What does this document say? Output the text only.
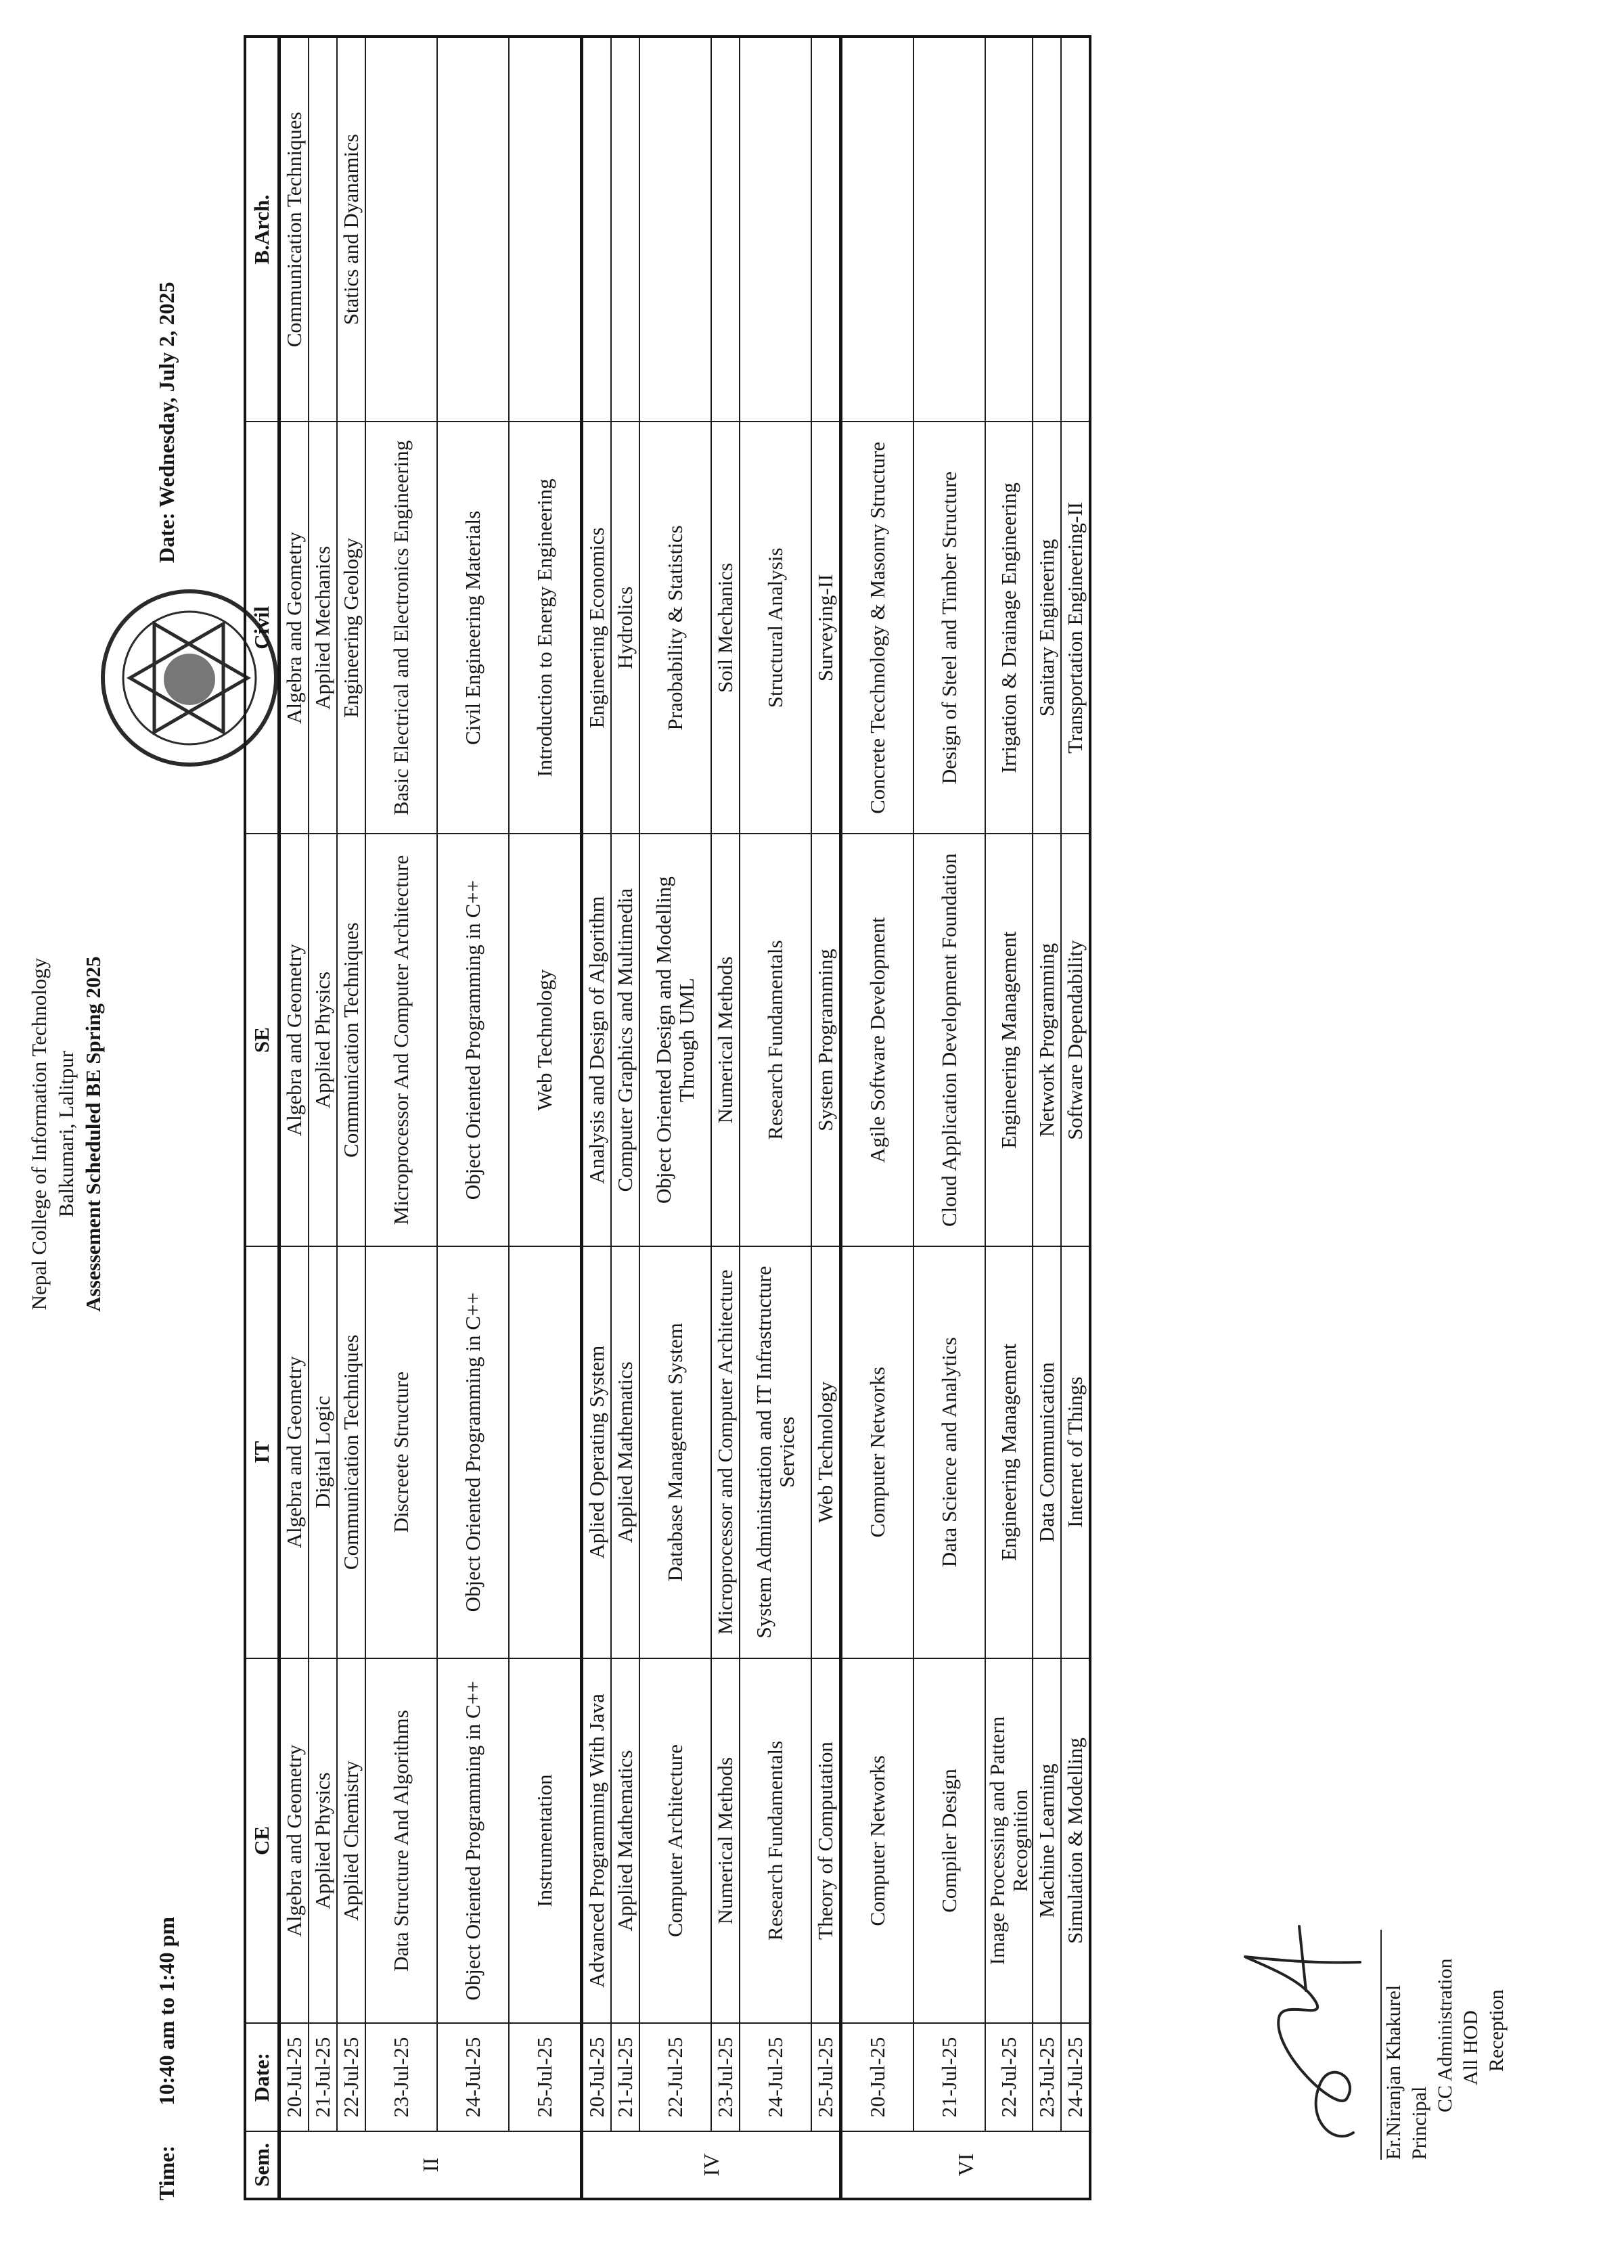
Nepal College of Information Technology Balkumari, Lalitpur Assessement Scheduled BE Spring 2025
Time:
10:40 am to 1:40 pm
Date: Wednesday, July 2, 2025
Sem.	Date:	CE	IT	SE	Civil	B.Arch.
II	20-Jul-25	Algebra and Geometry	Algebra and Geometry	Algebra and Geometry	Algebra and Geometry	Communication Techniques
	21-Jul-25	Applied Physics	Digital Logic	Applied Physics	Applied Mechanics	
	22-Jul-25	Applied Chemistry	Communication Techniques	Communication Techniques	Engineering Geology	Statics and Dyanamics
	23-Jul-25	Data Structure And Algorithms	Discreete Structure	Microprocessor And Computer Architecture	Basic Electrical and Electronics Engineering	
	24-Jul-25	Object Oriented Programming in C++	Object Oriented Programming in C++	Object Oriented Programming in C++	Civil Engineering Materials	
	25-Jul-25	Instrumentation		Web Technology	Introduction to Energy Engineering	
IV	20-Jul-25	Advanced Programming With Java	Aplied Operating System	Analysis and Design of Algorithm	Engineering Economics	
	21-Jul-25	Applied Mathematics	Applied Mathematics	Computer Graphics and Multimedia	Hydrolics	
	22-Jul-25	Computer Architecture	Database Management System	Object Oriented Design and Modelling Through UML	Praobability & Statistics	
	23-Jul-25	Numerical Methods	Microprocessor and Computer Architecture	Numerical Methods	Soil Mechanics	
	24-Jul-25	Research Fundamentals	System Administration and IT Infrastructure Services	Research Fundamentals	Structural Analysis	
	25-Jul-25	Theory of Computation	Web Technology	System Programming	Surveying-II	
VI	20-Jul-25	Computer Networks	Computer Networks	Agile Software Development	Concrete Tecchnology & Masonry Structure	
	21-Jul-25	Compiler Design	Data Science and Analytics	Cloud Application Development Foundation	Design of Steel and Timber Structure	
	22-Jul-25	Image Processing and Pattern Recognition	Engineering Management	Engineering Management	Irrigation & Drainage Engineering	
	23-Jul-25	Machine Learning	Data Communication	Network Programming	Sanitary Engineering	
	24-Jul-25	Simulation & Modelling	Internet of Things	Software Dependability	Transportation Engineering-II	
Er.Niranjan Khakurel Principal
CC Administration All HOD Reception
